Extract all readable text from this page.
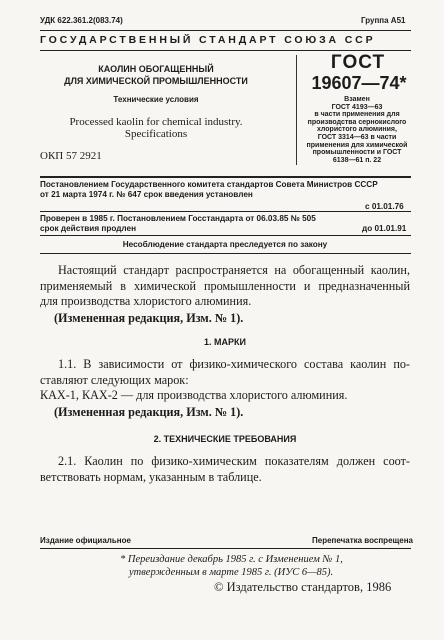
УДК 622.361.2(083.74)	Группа А51
ГОСУДАРСТВЕННЫЙ СТАНДАРТ СОЮЗА ССР
КАОЛИН ОБОГАЩЕННЫЙ
ДЛЯ ХИМИЧЕСКОЙ ПРОМЫШЛЕННОСТИ
Технические условия
Processed kaolin for chemical industry.
Specifications
ОКП 57 2921
ГОСТ
19607—74*
Взамен
ГОСТ 4193—63
в части применения для
производства сернокислого
хлористого алюминия,
ГОСТ 3314—63 в части
применения для химической
промышленности и ГОСТ
6138—61 п. 22
Постановлением Государственного комитета стандартов Совета Министров СССР
от 21 марта 1974 г. № 647 срок введения установлен
с 01.01.76
Проверен в 1985 г. Постановлением Госстандарта от 06.03.85 № 505
срок действия продлен	до 01.01.91
Несоблюдение стандарта преследуется по закону
Настоящий стандарт распространяется на обогащенный каолин,
применяемый в химической промышленности и предназначенный
для производства хлористого алюминия.
(Измененная редакция, Изм. № 1).
1. МАРКИ
1.1. В зависимости от физико-химического состава каолин по-
ставляют следующих марок:
КАХ-1, КАХ-2 — для производства хлористого алюминия.
(Измененная редакция, Изм. № 1).
2. ТЕХНИЧЕСКИЕ ТРЕБОВАНИЯ
2.1. Каолин по физико-химическим показателям должен соот-
ветствовать нормам, указанным в таблице.
Издание официальное	Перепечатка воспрещена
* Переиздание декабрь 1985 г. с Изменением № 1,
утвержденным в марте 1985 г. (ИУС 6—85).
© Издательство стандартов, 1986
